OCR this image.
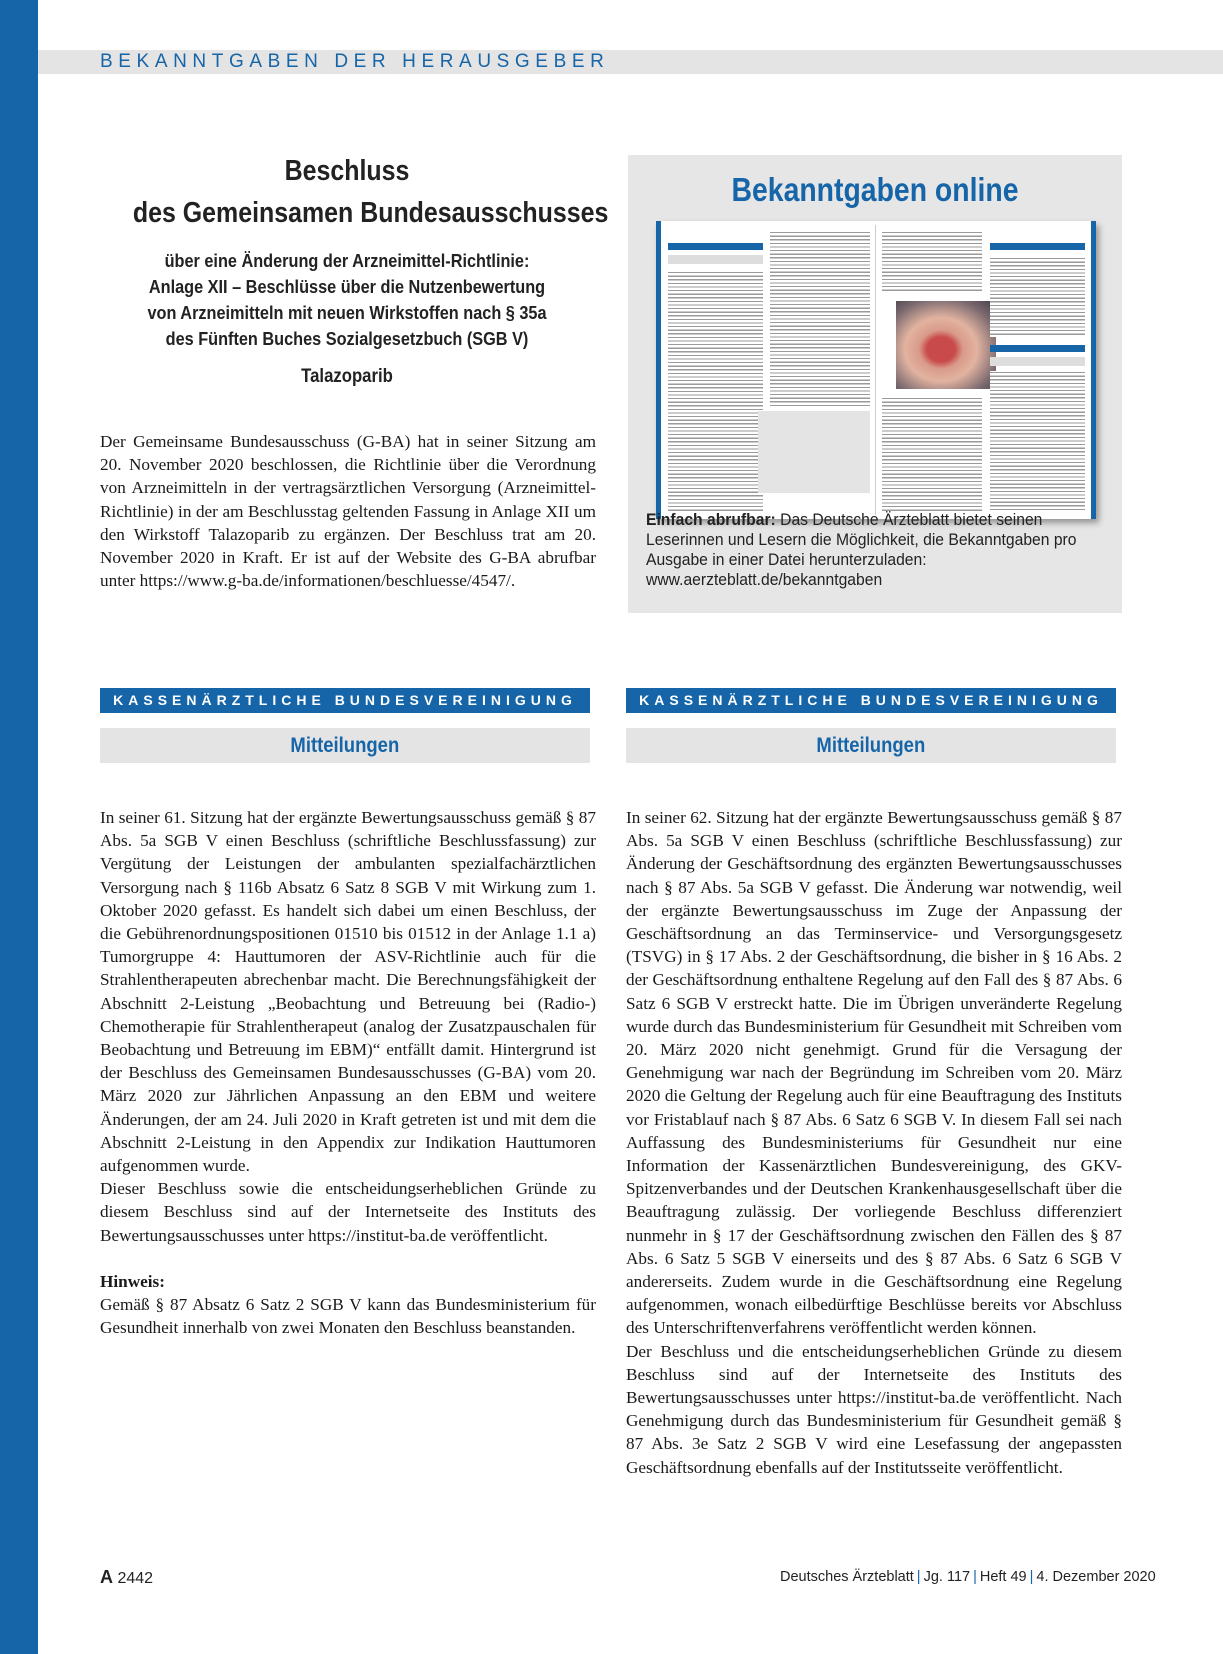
BEKANNTGABEN DER HERAUSGEBER
Beschluss
des Gemeinsamen Bundesausschusses
über eine Änderung der Arzneimittel-Richtlinie:
Anlage XII – Beschlüsse über die Nutzenbewertung
von Arzneimitteln mit neuen Wirkstoffen nach § 35a
des Fünften Buches Sozialgesetzbuch (SGB V)
Talazoparib

Der Gemeinsame Bundesausschuss (G-BA) hat in seiner Sitzung am 20. November 2020 beschlossen, die Richtlinie über die Verordnung von Arzneimitteln in der vertragsärztlichen Versorgung (Arzneimittel-Richtlinie) in der am Beschlusstag geltenden Fassung in Anlage XII um den Wirkstoff Talazoparib zu ergänzen. Der Beschluss trat am 20. November 2020 in Kraft. Er ist auf der Website des G-BA abrufbar unter https://www.g-ba.de/informationen/beschluesse/4547/.

Bekanntgaben online
Einfach abrufbar: Das Deutsche Ärzteblatt bietet seinen Leserinnen und Lesern die Möglichkeit, die Bekanntgaben pro Ausgabe in einer Datei herunterzuladen: www.aerzteblatt.de/bekanntgaben
KASSENÄRZTLICHE BUNDESVEREINIGUNG
Mitteilungen

In seiner 61. Sitzung hat der ergänzte Bewertungsausschuss gemäß § 87 Abs. 5a SGB V einen Beschluss (schriftliche Beschlussfassung) zur Vergütung der Leistungen der ambulanten spezialfachärztlichen Versorgung nach § 116b Absatz 6 Satz 8 SGB V mit Wirkung zum 1. Oktober 2020 gefasst. Es handelt sich dabei um einen Beschluss, der die Gebührenordnungspositionen 01510 bis 01512 in der Anlage 1.1 a) Tumorgruppe 4: Hauttumoren der ASV-Richtlinie auch für die Strahlentherapeuten abrechenbar macht. Die Berechnungsfähigkeit der Abschnitt 2-Leistung „Beobachtung und Betreuung bei (Radio-) Chemotherapie für Strahlentherapeut (analog der Zusatzpauschalen für Beobachtung und Betreuung im EBM)“ entfällt damit. Hintergrund ist der Beschluss des Gemeinsamen Bundesausschusses (G-BA) vom 20. März 2020 zur Jährlichen Anpassung an den EBM und weitere Änderungen, der am 24. Juli 2020 in Kraft getreten ist und mit dem die Abschnitt 2-Leistung in den Appendix zur Indikation Hauttumoren aufgenommen wurde.

Dieser Beschluss sowie die entscheidungserheblichen Gründe zu diesem Beschluss sind auf der Internetseite des Instituts des Bewertungsausschusses unter https://institut-ba.de veröffentlicht.

Hinweis:

Gemäß § 87 Absatz 6 Satz 2 SGB V kann das Bundesministerium für Gesundheit innerhalb von zwei Monaten den Beschluss beanstanden.

KASSENÄRZTLICHE BUNDESVEREINIGUNG
Mitteilungen

In seiner 62. Sitzung hat der ergänzte Bewertungsausschuss gemäß § 87 Abs. 5a SGB V einen Beschluss (schriftliche Beschlussfassung) zur Änderung der Geschäftsordnung des ergänzten Bewertungsausschusses nach § 87 Abs. 5a SGB V gefasst. Die Änderung war notwendig, weil der ergänzte Bewertungsausschuss im Zuge der Anpassung der Geschäftsordnung an das Terminservice- und Versorgungsgesetz (TSVG) in § 17 Abs. 2 der Geschäftsordnung, die bisher in § 16 Abs. 2 der Geschäftsordnung enthaltene Regelung auf den Fall des § 87 Abs. 6 Satz 6 SGB V erstreckt hatte. Die im Übrigen unveränderte Regelung wurde durch das Bundesministerium für Gesundheit mit Schreiben vom 20. März 2020 nicht genehmigt. Grund für die Versagung der Genehmigung war nach der Begründung im Schreiben vom 20. März 2020 die Geltung der Regelung auch für eine Beauftragung des Instituts vor Fristablauf nach § 87 Abs. 6 Satz 6 SGB V. In diesem Fall sei nach Auffassung des Bundesministeriums für Gesundheit nur eine Information der Kassenärztlichen Bundesvereinigung, des GKV-Spitzenverbandes und der Deutschen Krankenhausgesellschaft über die Beauftragung zulässig. Der vorliegende Beschluss differenziert nunmehr in § 17 der Geschäftsordnung zwischen den Fällen des § 87 Abs. 6 Satz 5 SGB V einerseits und des § 87 Abs. 6 Satz 6 SGB V andererseits. Zudem wurde in die Geschäftsordnung eine Regelung aufgenommen, wonach eilbedürftige Beschlüsse bereits vor Abschluss des Unterschriftenverfahrens veröffentlicht werden können.

Der Beschluss und die entscheidungserheblichen Gründe zu diesem Beschluss sind auf der Internetseite des Instituts des Bewertungsausschusses unter https://institut-ba.de veröffentlicht. Nach Genehmigung durch das Bundesministerium für Gesundheit gemäß § 87 Abs. 3e Satz 2 SGB V wird eine Lesefassung der angepassten Geschäftsordnung ebenfalls auf der Institutsseite veröffentlicht.

A 2442	Deutsches Ärzteblatt | Jg. 117 | Heft 49 | 4. Dezember 2020
